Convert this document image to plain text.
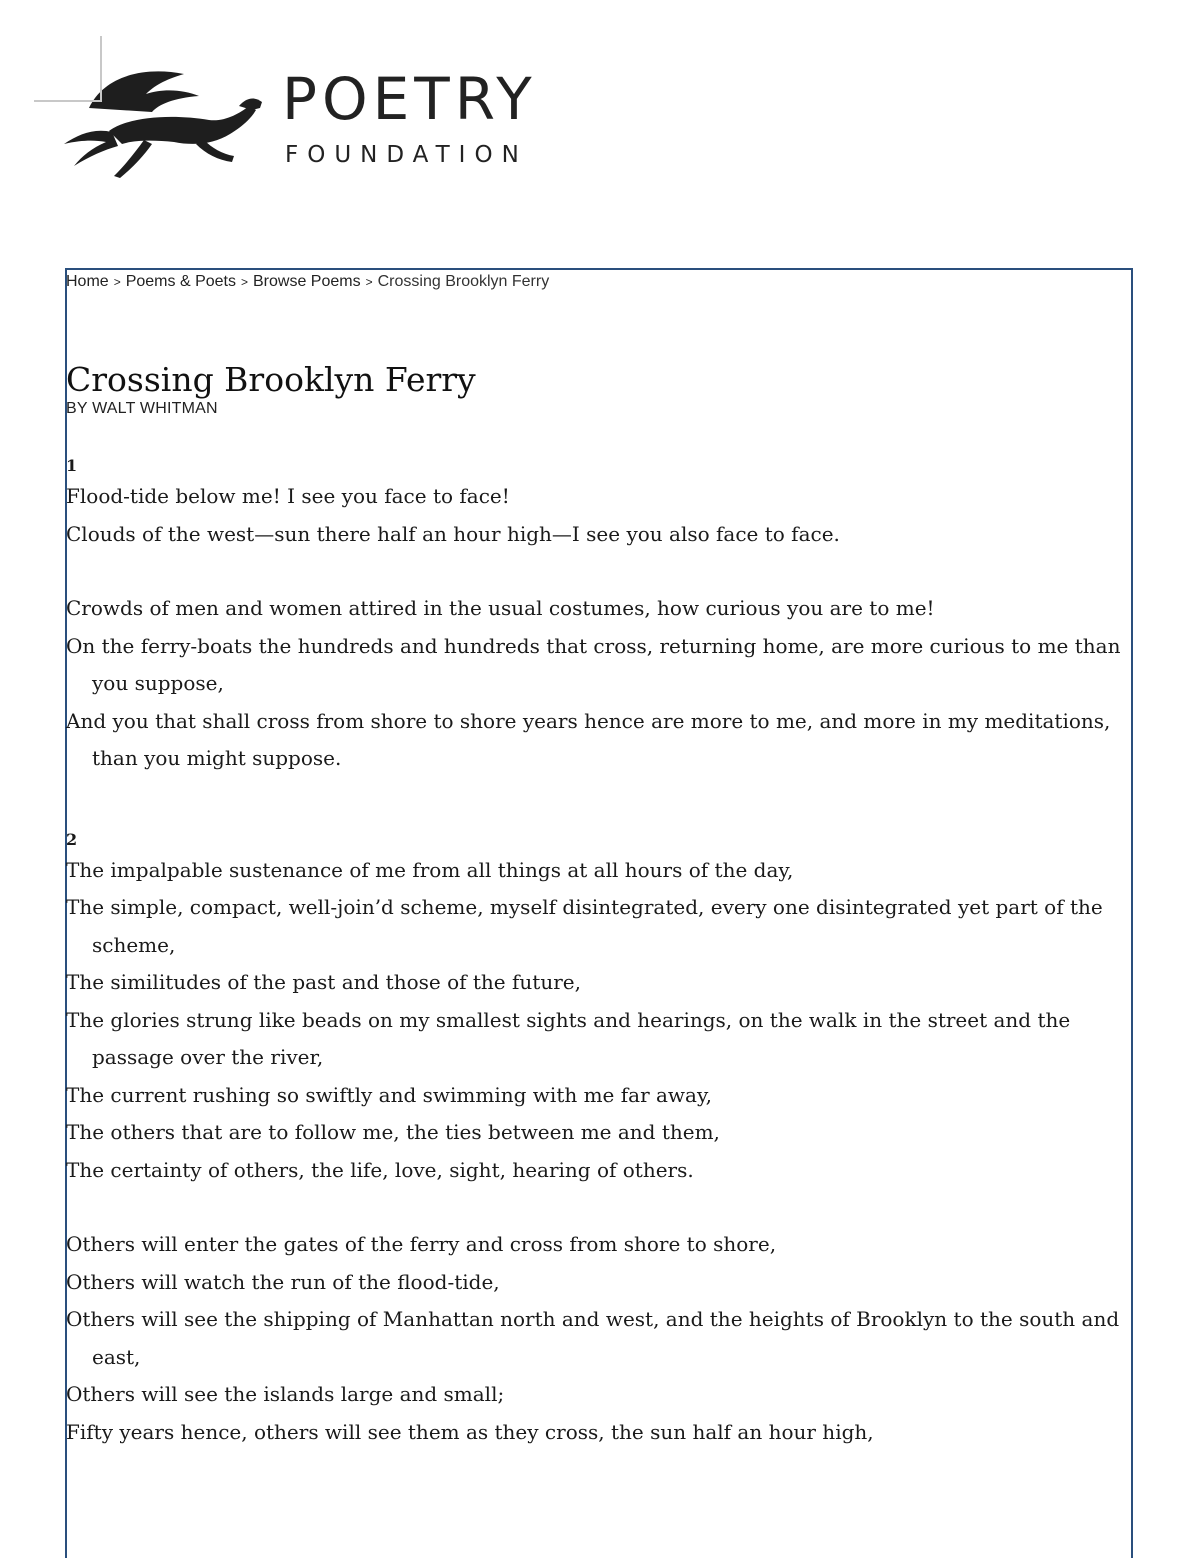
POETRY
FOUNDATION
Home > Poems & Poets > Browse Poems > Crossing Brooklyn Ferry
Crossing Brooklyn Ferry
BY WALT WHITMAN
1
Flood-tide below me! I see you face to face!
Clouds of the west—sun there half an hour high—I see you also face to face.
Crowds of men and women attired in the usual costumes, how curious you are to me!
On the ferry-boats the hundreds and hundreds that cross, returning home, are more curious to me than you suppose,
And you that shall cross from shore to shore years hence are more to me, and more in my meditations, than you might suppose.
2
The impalpable sustenance of me from all things at all hours of the day,
The simple, compact, well-join’d scheme, myself disintegrated, every one disintegrated yet part of the scheme,
The similitudes of the past and those of the future,
The glories strung like beads on my smallest sights and hearings, on the walk in the street and the passage over the river,
The current rushing so swiftly and swimming with me far away,
The others that are to follow me, the ties between me and them,
The certainty of others, the life, love, sight, hearing of others.
Others will enter the gates of the ferry and cross from shore to shore,
Others will watch the run of the flood-tide,
Others will see the shipping of Manhattan north and west, and the heights of Brooklyn to the south and east,
Others will see the islands large and small;
Fifty years hence, others will see them as they cross, the sun half an hour high,
